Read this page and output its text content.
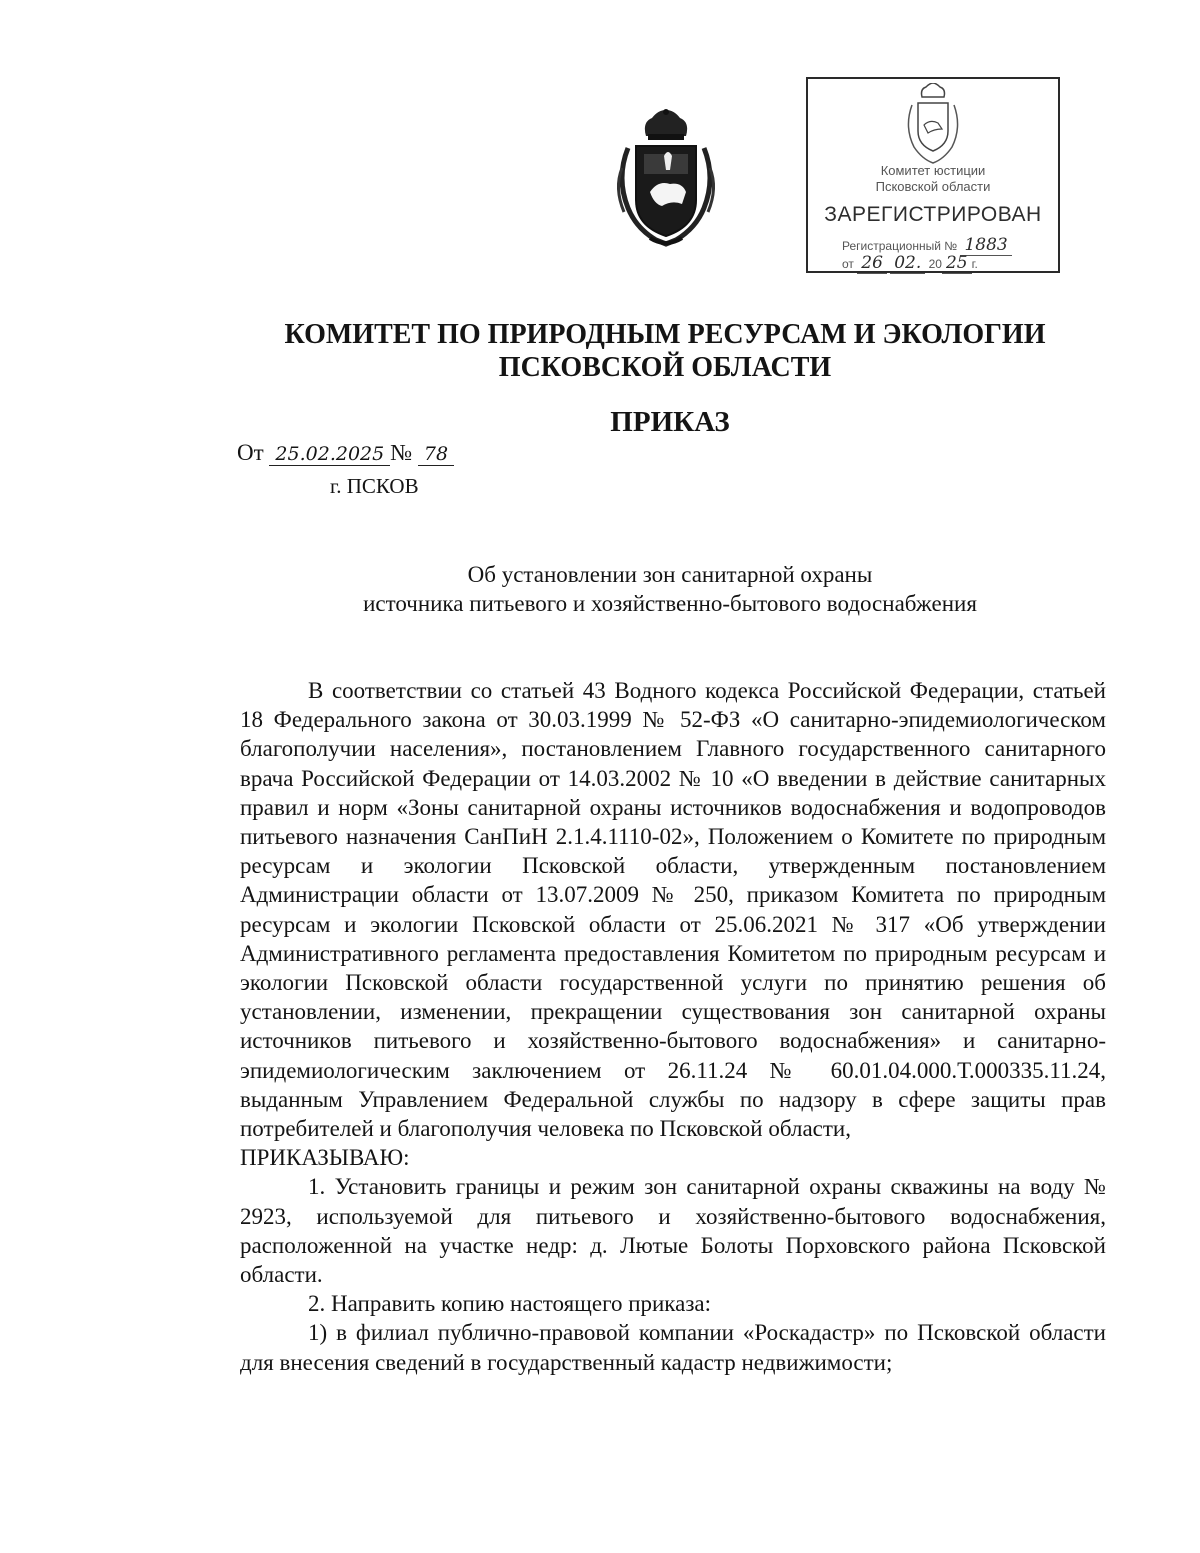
Комитет юстиции
Псковской области
ЗАРЕГИСТРИРОВАН
Регистрационный № 1883
от 26 02. 20 25 г.
КОМИТЕТ ПО ПРИРОДНЫМ РЕСУРСАМ И ЭКОЛОГИИ
ПСКОВСКОЙ ОБЛАСТИ
ПРИКАЗ
От 25.02.2025 № 78
г. ПСКОВ
Об установлении зон санитарной охраны
источника питьевого и хозяйственно-бытового водоснабжения

В соответствии со статьей 43 Водного кодекса Российской Федерации, статьей 18 Федерального закона от 30.03.1999 № 52-ФЗ «О санитарно-эпидемиологическом благополучии населения», постановлением Главного государственного санитарного врача Российской Федерации от 14.03.2002 № 10 «О введении в действие санитарных правил и норм «Зоны санитарной охраны источников водоснабжения и водопроводов питьевого назначения СанПиН 2.1.4.1110-02», Положением о Комитете по природным ресурсам и экологии Псковской области, утвержденным постановлением Администрации области от 13.07.2009 № 250, приказом Комитета по природным ресурсам и экологии Псковской области от 25.06.2021 № 317 «Об утверждении Административного регламента предоставления Комитетом по природным ресурсам и экологии Псковской области государственной услуги по принятию решения об установлении, изменении, прекращении существования зон санитарной охраны источников питьевого и хозяйственно-бытового водоснабжения» и санитарно-эпидемиологическим заключением от 26.11.24 № 60.01.04.000.Т.000335.11.24, выданным Управлением Федеральной службы по надзору в сфере защиты прав потребителей и благополучия человека по Псковской области,

ПРИКАЗЫВАЮ:

1. Установить границы и режим зон санитарной охраны скважины на воду № 2923, используемой для питьевого и хозяйственно-бытового водоснабжения, расположенной на участке недр: д. Лютые Болоты Порховского района Псковской области.

2. Направить копию настоящего приказа:

1) в филиал публично-правовой компании «Роскадастр» по Псковской области для внесения сведений в государственный кадастр недвижимости;
